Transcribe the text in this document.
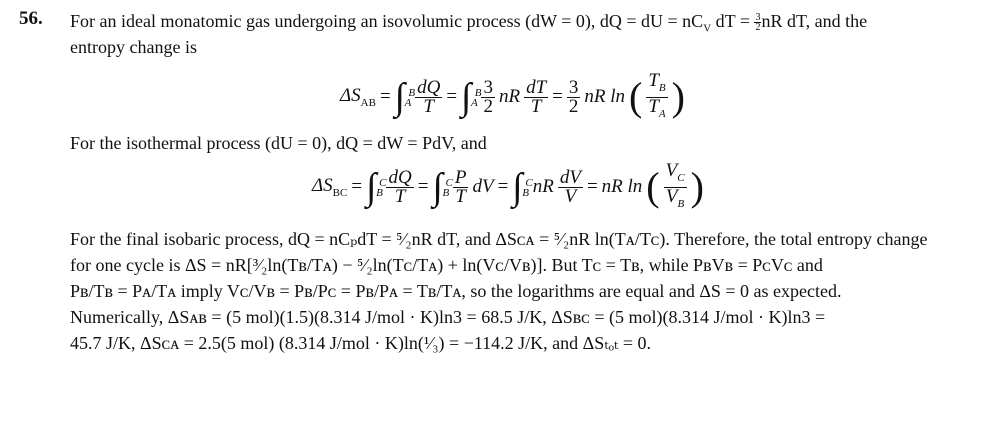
56. For an ideal monatomic gas undergoing an isovolumic process (dW = 0), dQ = dU = $nC_V$ dT = $\frac{3}{2}$ nR dT, and the
entropy change is
$\Delta S_{AB}$ = ∫ B
A $\frac{dQ}{T}$ = ∫ B
A $\frac{3}{2}$ nR $\frac{dT}{T} = \frac{3}{2}$ nR ln ( $\frac{T_B}{T_A}$ )
For the isothermal process (dU = 0), dQ = dW = PdV, and
$\Delta S_{BC}$ = ∫ C
B $\frac{dQ}{T}$ = ∫ C
B $\frac{P}{T}$ dV = ∫ C
B nR $\frac{dV}{V}$ = nR ln ( $\frac{V_C}{V_B}$ )
For the final isobaric process, dQ = nCₚdT = ⁵⁄₂nR dT, and ΔSᴄᴀ = ⁵⁄₂nR ln(Tᴀ/Tᴄ). Therefore, the total entropy change
for one cycle is ΔS = nR[³⁄₂ln(Tʙ/Tᴀ) − ⁵⁄₂ln(Tᴄ/Tᴀ) + ln(Vᴄ/Vʙ)]. But Tᴄ = Tʙ, while PʙVʙ = PᴄVᴄ and
Pʙ/Tʙ = Pᴀ/Tᴀ imply Vᴄ/Vʙ = Pʙ/Pᴄ = Pʙ/Pᴀ = Tʙ/Tᴀ, so the logarithms are equal and ΔS = 0 as expected.
Numerically, ΔSᴀʙ = (5 mol)(1.5)(8.314 J/mol · K)ln3 = 68.5 J/K, ΔSʙᴄ = (5 mol)(8.314 J/mol · K)ln3 =
45.7 J/K, ΔSᴄᴀ = 2.5(5 mol) (8.314 J/mol · K)ln(¹⁄₃) = −114.2 J/K, and ΔSₜₒₜ = 0.
